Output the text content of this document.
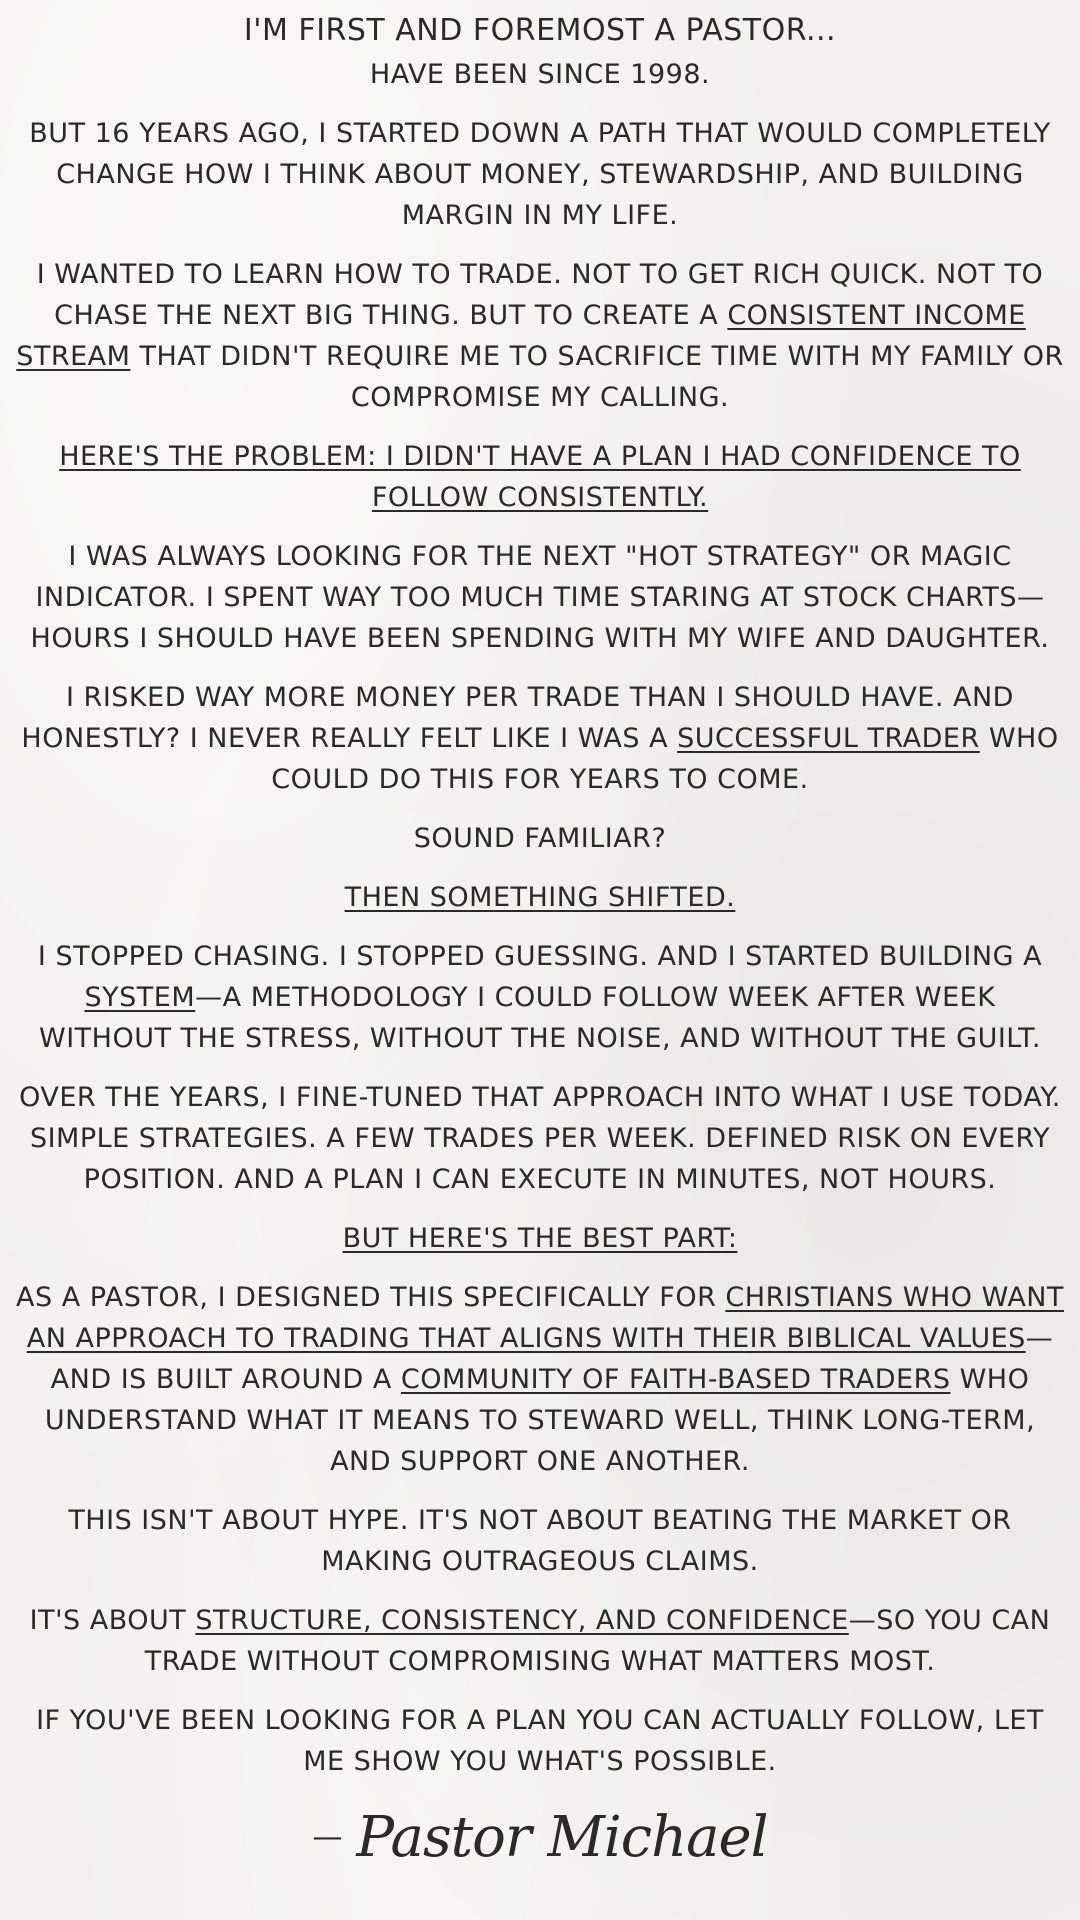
I'M FIRST AND FOREMOST A PASTOR...

HAVE BEEN SINCE 1998.

BUT 16 YEARS AGO, I STARTED DOWN A PATH THAT WOULD COMPLETELY CHANGE HOW I THINK ABOUT MONEY, STEWARDSHIP, AND BUILDING MARGIN IN MY LIFE.

I WANTED TO LEARN HOW TO TRADE. NOT TO GET RICH QUICK. NOT TO CHASE THE NEXT BIG THING. BUT TO CREATE A CONSISTENT INCOME STREAM THAT DIDN'T REQUIRE ME TO SACRIFICE TIME WITH MY FAMILY OR COMPROMISE MY CALLING.

HERE'S THE PROBLEM: I DIDN'T HAVE A PLAN I HAD CONFIDENCE TO FOLLOW CONSISTENTLY.

I WAS ALWAYS LOOKING FOR THE NEXT "HOT STRATEGY" OR MAGIC INDICATOR. I SPENT WAY TOO MUCH TIME STARING AT STOCK CHARTS—HOURS I SHOULD HAVE BEEN SPENDING WITH MY WIFE AND DAUGHTER.

I RISKED WAY MORE MONEY PER TRADE THAN I SHOULD HAVE. AND HONESTLY? I NEVER REALLY FELT LIKE I WAS A SUCCESSFUL TRADER WHO COULD DO THIS FOR YEARS TO COME.

SOUND FAMILIAR?

THEN SOMETHING SHIFTED.

I STOPPED CHASING. I STOPPED GUESSING. AND I STARTED BUILDING A SYSTEM—A METHODOLOGY I COULD FOLLOW WEEK AFTER WEEK WITHOUT THE STRESS, WITHOUT THE NOISE, AND WITHOUT THE GUILT.

OVER THE YEARS, I FINE-TUNED THAT APPROACH INTO WHAT I USE TODAY. SIMPLE STRATEGIES. A FEW TRADES PER WEEK. DEFINED RISK ON EVERY POSITION. AND A PLAN I CAN EXECUTE IN MINUTES, NOT HOURS.

BUT HERE'S THE BEST PART:

AS A PASTOR, I DESIGNED THIS SPECIFICALLY FOR CHRISTIANS WHO WANT AN APPROACH TO TRADING THAT ALIGNS WITH THEIR BIBLICAL VALUES—AND IS BUILT AROUND A COMMUNITY OF FAITH-BASED TRADERS WHO UNDERSTAND WHAT IT MEANS TO STEWARD WELL, THINK LONG-TERM, AND SUPPORT ONE ANOTHER.

THIS ISN'T ABOUT HYPE. IT'S NOT ABOUT BEATING THE MARKET OR MAKING OUTRAGEOUS CLAIMS.

IT'S ABOUT STRUCTURE, CONSISTENCY, AND CONFIDENCE—SO YOU CAN TRADE WITHOUT COMPROMISING WHAT MATTERS MOST.

IF YOU'VE BEEN LOOKING FOR A PLAN YOU CAN ACTUALLY FOLLOW, LET ME SHOW YOU WHAT'S POSSIBLE.

— Pastor Michael
